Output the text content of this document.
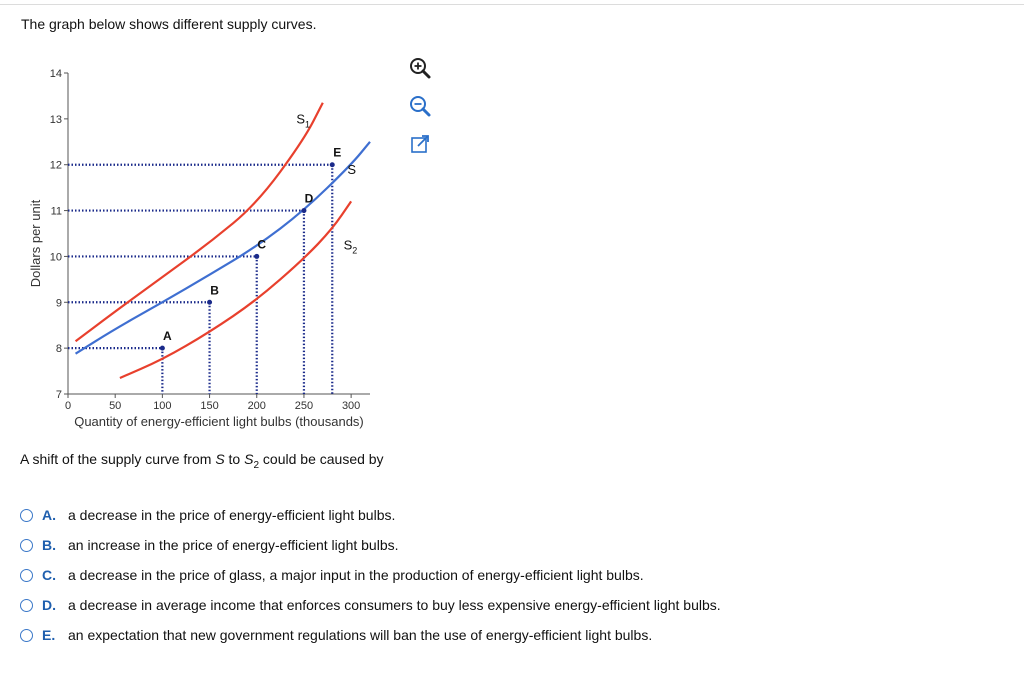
The graph below shows different supply curves.
7
8
9
10
11
12
13
14
0	50	100	150	200	250	300
Quantity of energy-efficient light bulbs (thousands)
Dollars per unit
S
$S_1$
$S_2$
A
B
C
D
E
A shift of the supply curve from S to $S_2$ could be caused by
A. a decrease in the price of energy-efficient light bulbs.
B. an increase in the price of energy-efficient light bulbs.
C. a decrease in the price of glass, a major input in the production of energy-efficient light bulbs.
D. a decrease in average income that enforces consumers to buy less expensive energy-efficient light bulbs.
E. an expectation that new government regulations will ban the use of energy-efficient light bulbs.
